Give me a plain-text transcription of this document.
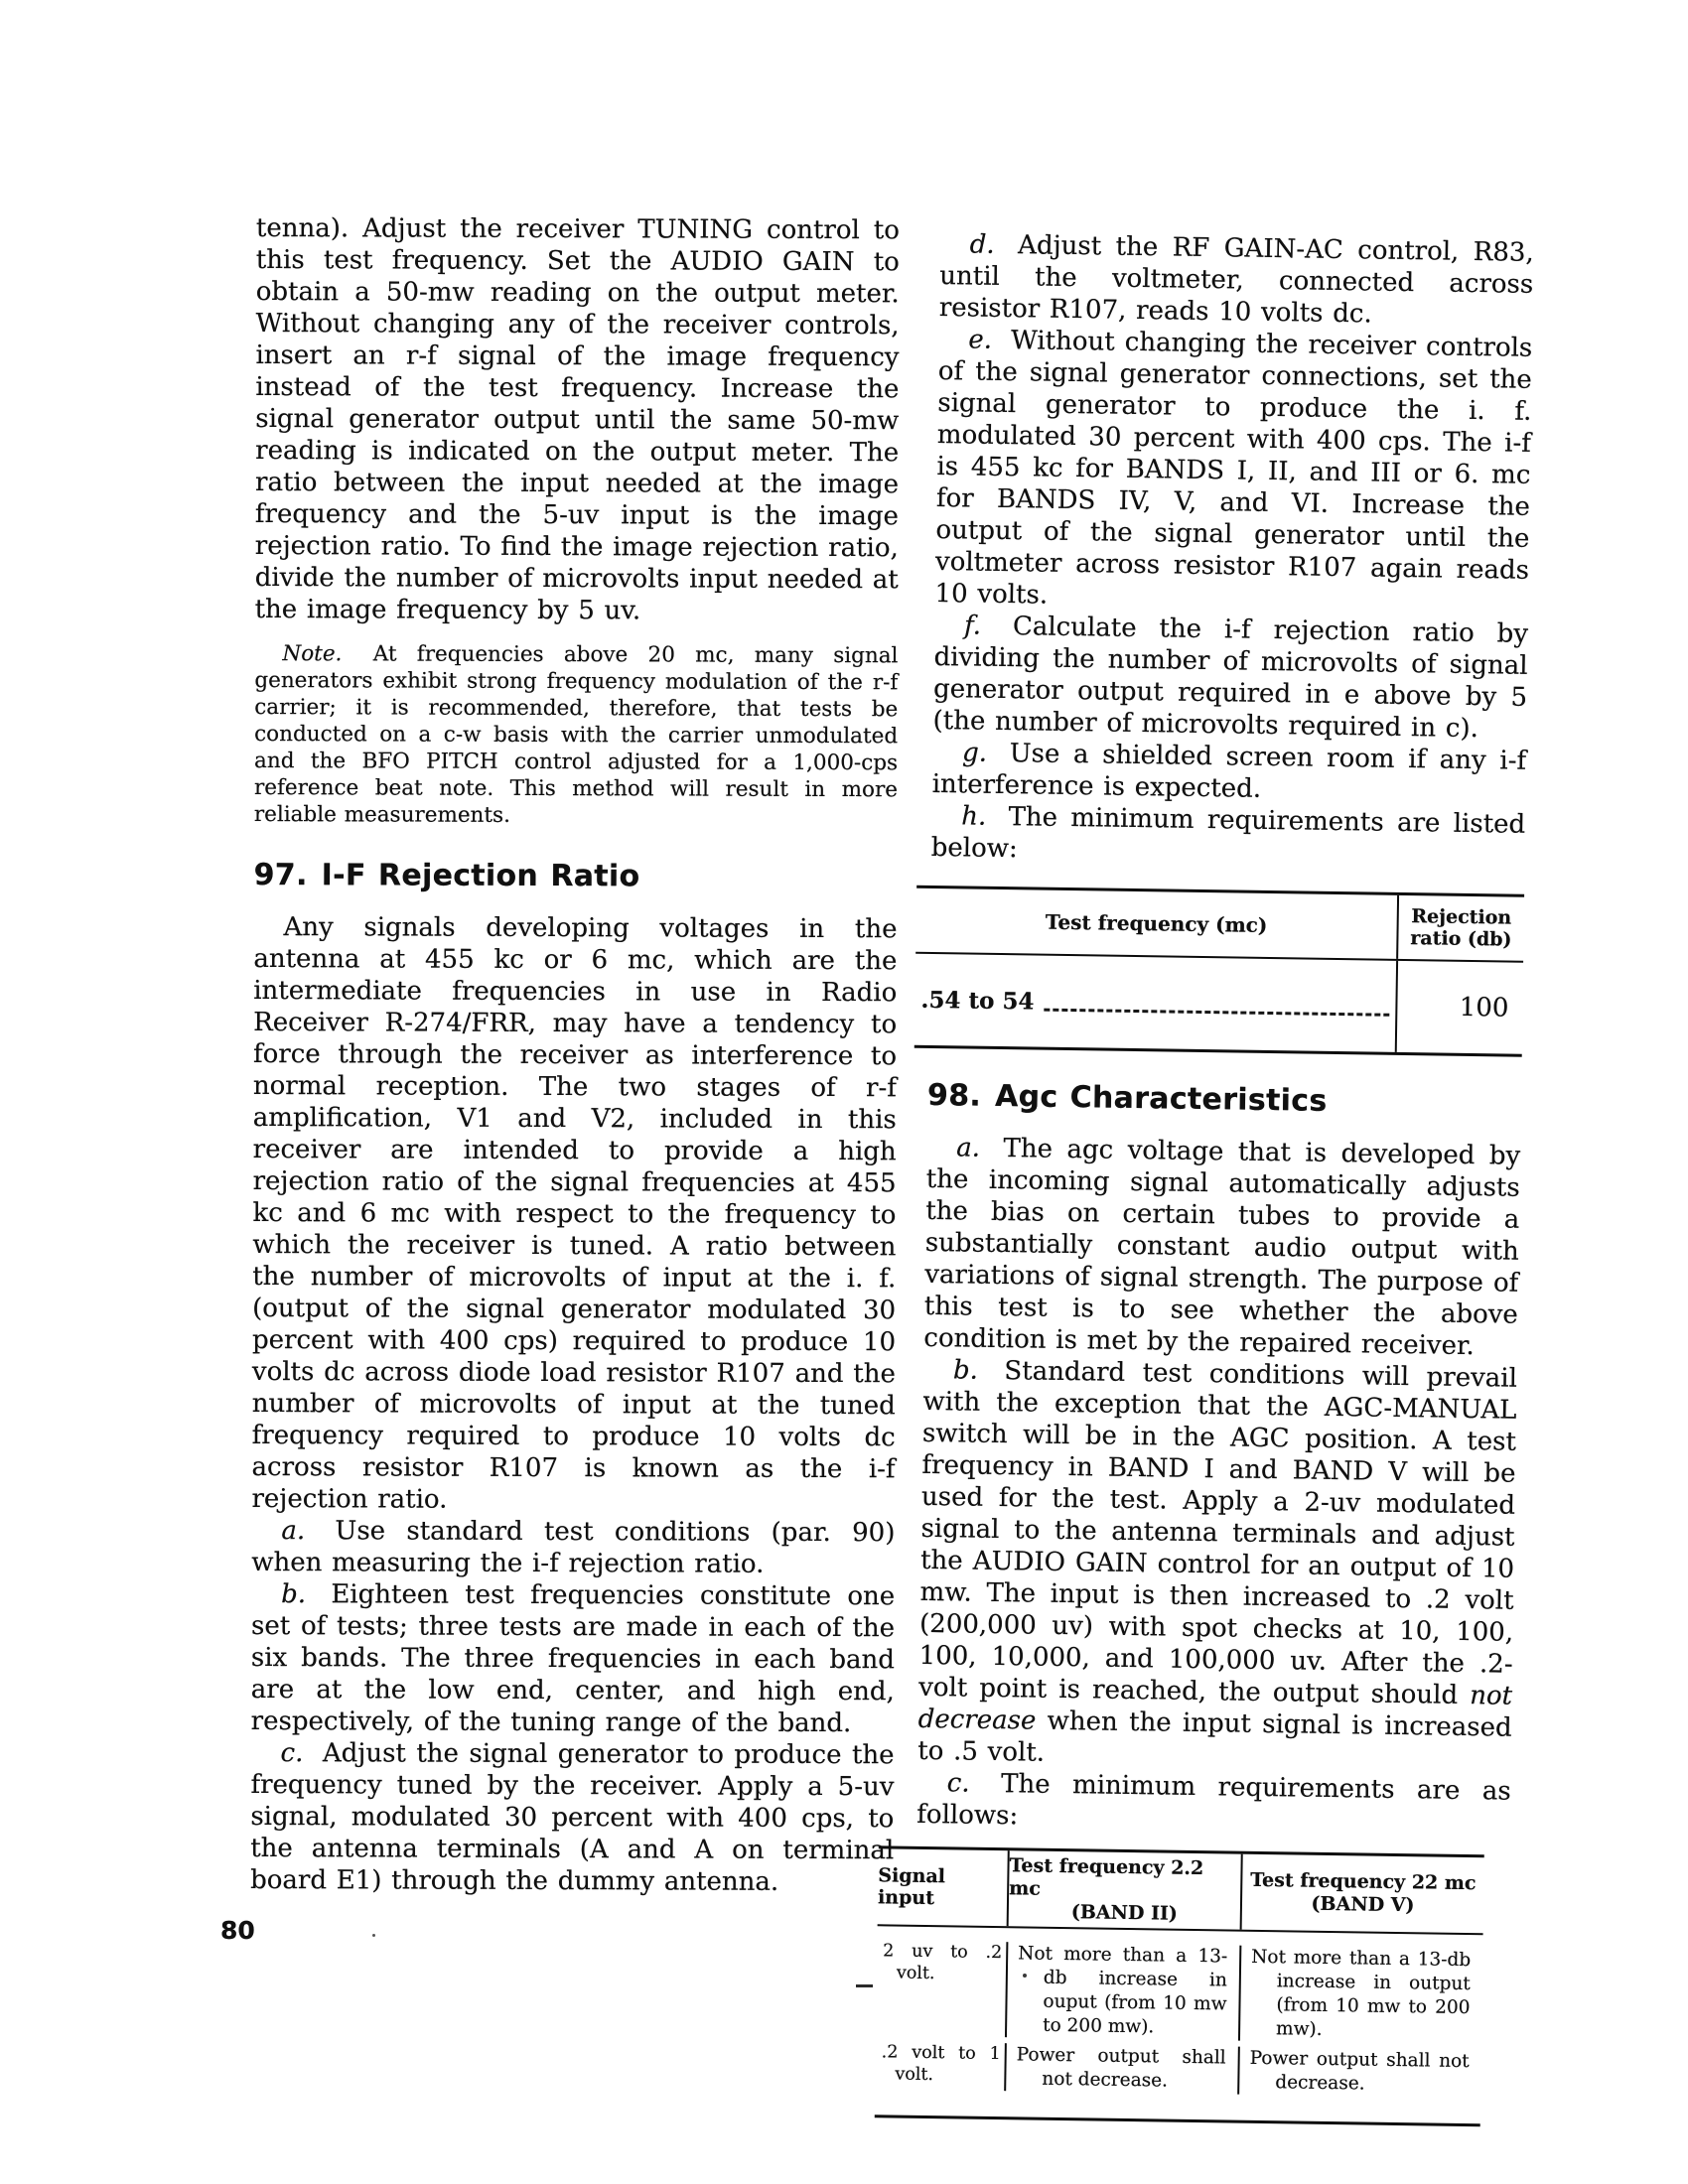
tenna). Adjust the receiver TUNING control to this test frequency. Set the AUDIO GAIN to obtain a 50-mw reading on the output meter. Without changing any of the receiver controls, insert an r-f signal of the image frequency instead of the test frequency. Increase the signal generator output until the same 50-mw reading is indicated on the output meter. The ratio between the input needed at the image frequency and the 5-uv input is the image rejection ratio. To find the image rejection ratio, divide the number of microvolts input needed at the image frequency by 5 uv.

Note. At frequencies above 20 mc, many signal generators exhibit strong frequency modulation of the r-f carrier; it is recommended, therefore, that tests be conducted on a c-w basis with the carrier unmodulated and the BFO PITCH control adjusted for a 1,000-cps reference beat note. This method will result in more reliable measurements.

97. I-F Rejection Ratio

Any signals developing voltages in the antenna at 455 kc or 6 mc, which are the intermediate frequencies in use in Radio Receiver R-274/FRR, may have a tendency to force through the receiver as interference to normal reception. The two stages of r-f amplification, V1 and V2, included in this receiver are intended to provide a high rejection ratio of the signal frequencies at 455 kc and 6 mc with respect to the frequency to which the receiver is tuned. A ratio between the number of microvolts of input at the i. f. (output of the signal generator modulated 30 percent with 400 cps) required to produce 10 volts dc across diode load resistor R107 and the number of microvolts of input at the tuned frequency required to produce 10 volts dc across resistor R107 is known as the i-f rejection ratio.

a. Use standard test conditions (par. 90) when measuring the i-f rejection ratio.

b. Eighteen test frequencies constitute one set of tests; three tests are made in each of the six bands. The three frequencies in each band are at the low end, center, and high end, respectively, of the tuning range of the band.

c. Adjust the signal generator to produce the frequency tuned by the receiver. Apply a 5-uv signal, modulated 30 percent with 400 cps, to the antenna terminals (A and A on terminal board E1) through the dummy antenna.

d. Adjust the RF GAIN-AC control, R83, until the voltmeter, connected across resistor R107, reads 10 volts dc.

e. Without changing the receiver controls of the signal generator connections, set the signal generator to produce the i. f. modulated 30 percent with 400 cps. The i-f is 455 kc for BANDS I, II, and III or 6. mc for BANDS IV, V, and VI. Increase the output of the signal generator until the voltmeter across resistor R107 again reads 10 volts.

f. Calculate the i-f rejection ratio by dividing the number of microvolts of signal generator output required in e above by 5 (the number of microvolts required in c).

g. Use a shielded screen room if any i-f interference is expected.

h. The minimum requirements are listed below:

Test frequency (mc)	Rejection
ratio (db)
.54 to 54	100

98. Agc Characteristics

a. The agc voltage that is developed by the incoming signal automatically adjusts the bias on certain tubes to provide a substantially constant audio output with variations of signal strength. The purpose of this test is to see whether the above condition is met by the repaired receiver.

b. Standard test conditions will prevail with the exception that the AGC-MANUAL switch will be in the AGC position. A test frequency in BAND I and BAND V will be used for the test. Apply a 2-uv modulated signal to the antenna terminals and adjust the AUDIO GAIN control for an output of 10 mw. The input is then increased to .2 volt (200,000 uv) with spot checks at 10, 100, 100, 10,000, and 100,000 uv. After the .2-volt point is reached, the output should not decrease when the input signal is increased to .5 volt.

c. The minimum requirements are as follows:

Signal input
Test frequency 2.2 mc
(BAND II)
Test frequency 22 mc
(BAND V)
2 uv to .2 volt.
Not more than a 13-db increase in ouput (from 10 mw to 200 mw).
Not more than a 13-db increase in output (from 10 mw to 200 mw).
.2 volt to 1 volt.
Power output shall not decrease.
Power output shall not decrease.
80
